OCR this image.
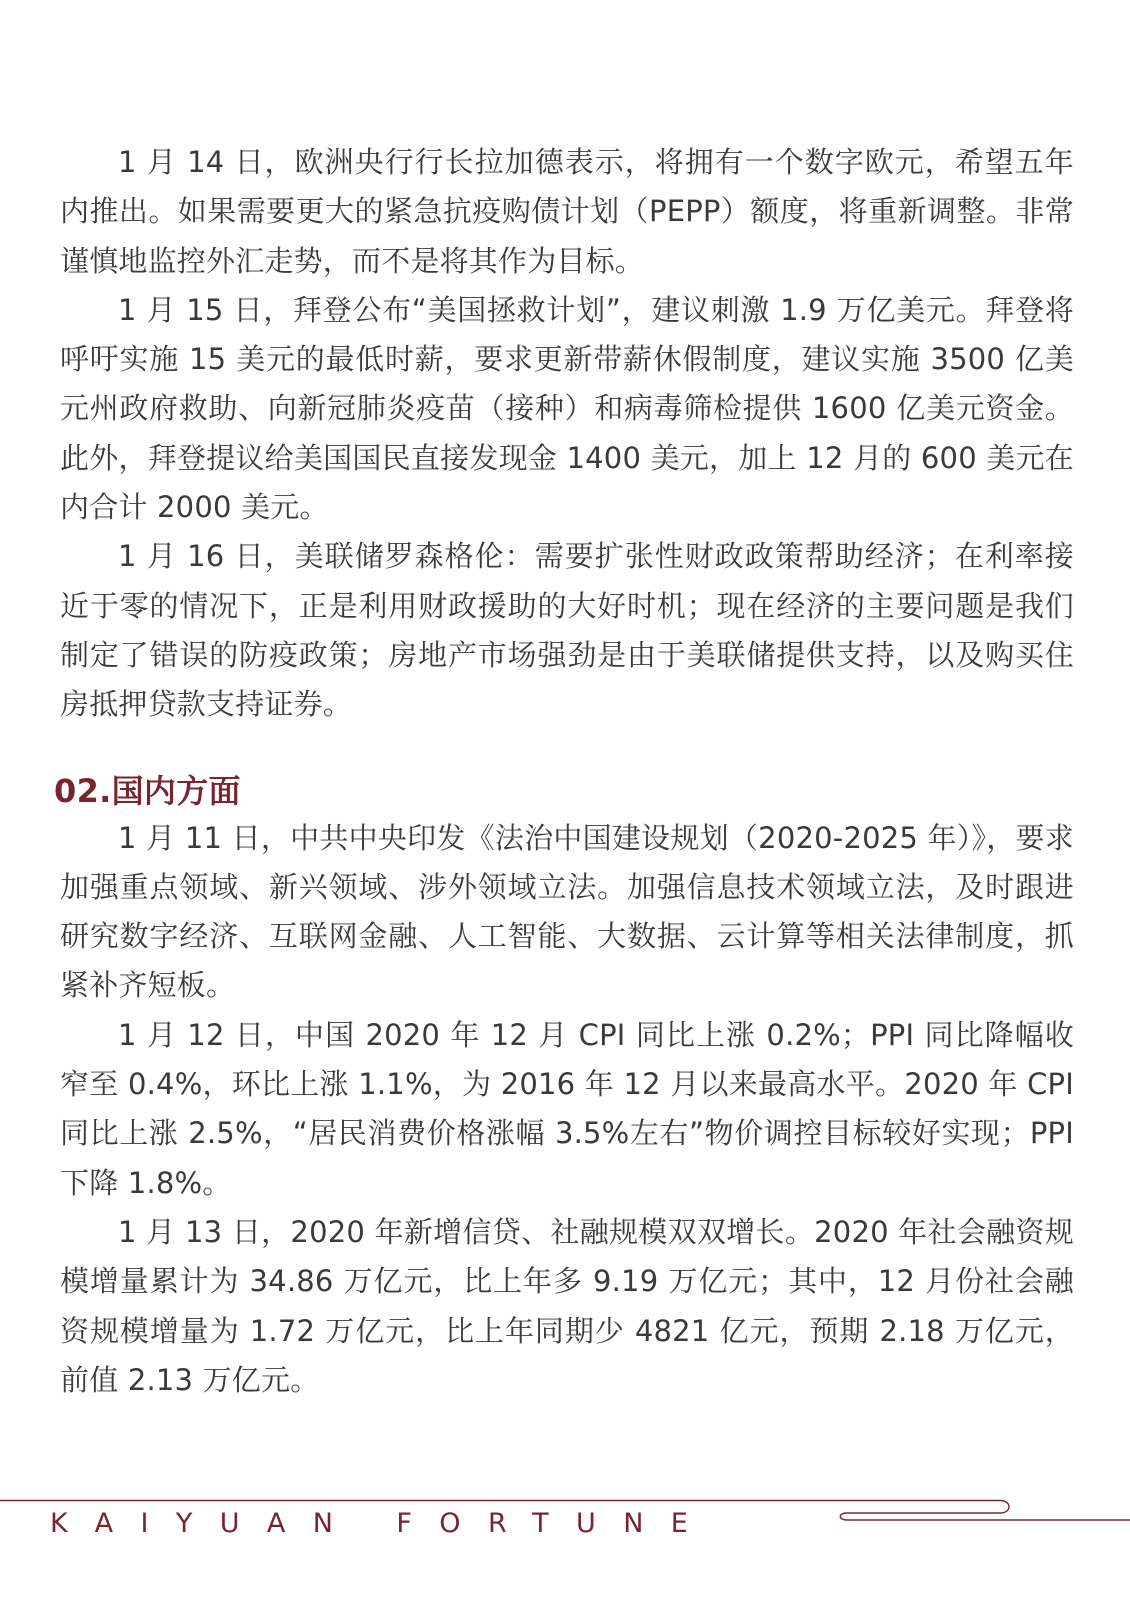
1 月 14 日，欧洲央行行长拉加德表示，将拥有一个数字欧元，希望五年内推出。如果需要更大的紧急抗疫购债计划（PEPP）额度，将重新调整。非常谨慎地监控外汇走势，而不是将其作为目标。

1 月 15 日，拜登公布“美国拯救计划”，建议刺激 1.9 万亿美元。拜登将呼吁实施 15 美元的最低时薪，要求更新带薪休假制度，建议实施 3500 亿美元州政府救助、向新冠肺炎疫苗（接种）和病毒筛检提供 1600 亿美元资金。此外，拜登提议给美国国民直接发现金 1400 美元，加上 12 月的 600 美元在内合计 2000 美元。

1 月 16 日，美联储罗森格伦：需要扩张性财政政策帮助经济；在利率接近于零的情况下，正是利用财政援助的大好时机；现在经济的主要问题是我们制定了错误的防疫政策；房地产市场强劲是由于美联储提供支持，以及购买住房抵押贷款支持证券。

02.国内方面

1 月 11 日，中共中央印发《法治中国建设规划（2020-2025 年）》，要求加强重点领域、新兴领域、涉外领域立法。加强信息技术领域立法，及时跟进研究数字经济、互联网金融、人工智能、大数据、云计算等相关法律制度，抓紧补齐短板。

1 月 12 日，中国 2020 年 12 月 CPI 同比上涨 0.2%；PPI 同比降幅收窄至 0.4%，环比上涨 1.1%，为 2016 年 12 月以来最高水平。2020 年 CPI 同比上涨 2.5%，“居民消费价格涨幅 3.5%左右”物价调控目标较好实现；PPI 下降 1.8%。

1 月 13 日，2020 年新增信贷、社融规模双双增长。2020 年社会融资规模增量累计为 34.86 万亿元，比上年多 9.19 万亿元；其中，12 月份社会融资规模增量为 1.72 万亿元，比上年同期少 4821 亿元，预期 2.18 万亿元，前值 2.13 万亿元。

KAIYUAN FORTUNE
